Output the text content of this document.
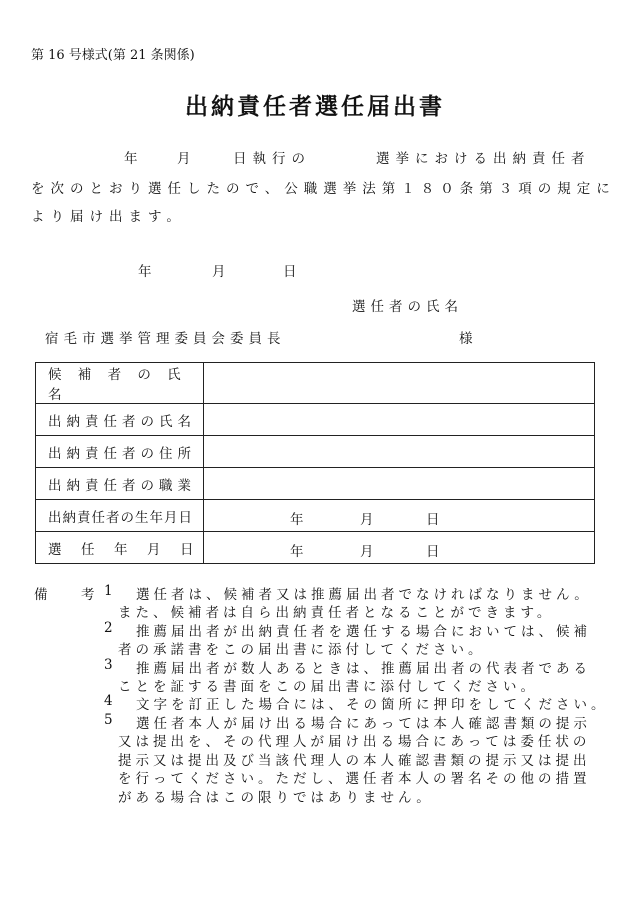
第 16 号様式(第 21 条関係)
出納責任者選任届出書
年 月	日執行の	選挙における出納責任者
を次のとおり選任したので、公職選挙法第１８０条第３項の規定に
より届け出ます。
年	月	日
選任者の氏名
宿毛市選挙管理委員会委員長	様
候 補 者 の 氏 名	
出納責任者の氏名	
出納責任者の住所	
出納責任者の職業	
出納責任者の生年月日	年 月 日

選　任　年　月　日	年 月 日
備　考 1 選任者は、候補者又は推薦届出者でなければなりません。
また、候補者は自ら出納責任者となることができます。
2 推薦届出者が出納責任者を選任する場合においては、候補
者の承諾書をこの届出書に添付してください。
3 推薦届出者が数人あるときは、推薦届出者の代表者である
ことを証する書面をこの届出書に添付してください。
4 文字を訂正した場合には、その箇所に押印をしてください。
5 選任者本人が届け出る場合にあっては本人確認書類の提示
又は提出を、その代理人が届け出る場合にあっては委任状の
提示又は提出及び当該代理人の本人確認書類の提示又は提出
を行ってください。ただし、選任者本人の署名その他の措置
がある場合はこの限りではありません。
